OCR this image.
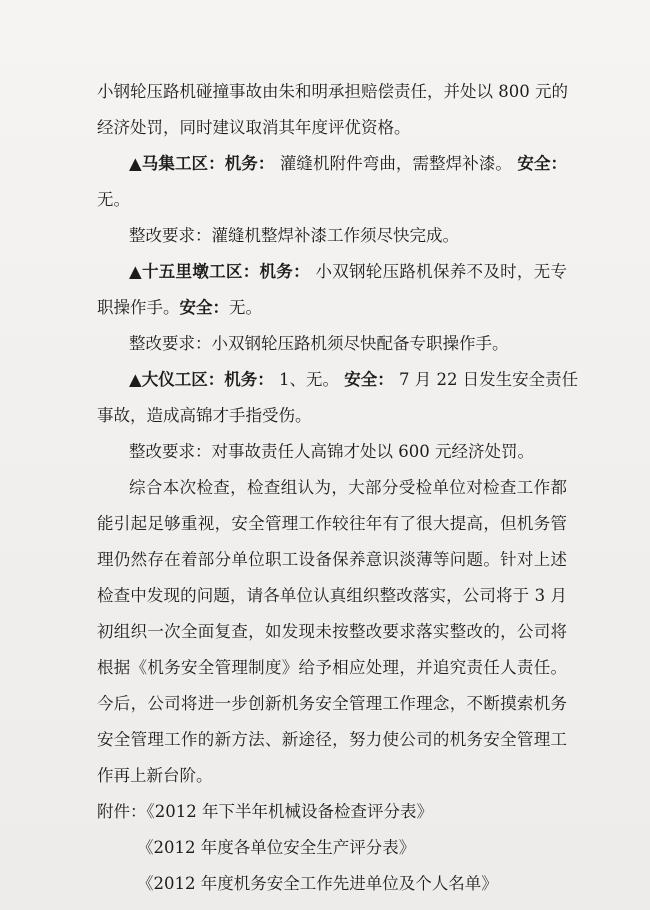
小钢轮压路机碰撞事故由朱和明承担赔偿责任，并处以 800 元的
经济处罚，同时建议取消其年度评优资格。
▲马集工区：机务： 灌缝机附件弯曲，需整焊补漆。 安全：
无。
整改要求：灌缝机整焊补漆工作须尽快完成。
▲十五里墩工区：机务： 小双钢轮压路机保养不及时，无专
职操作手。安全：无。
整改要求：小双钢轮压路机须尽快配备专职操作手。
▲大仪工区：机务： 1、无。 安全： 7 月 22 日发生安全责任
事故，造成高锦才手指受伤。
整改要求：对事故责任人高锦才处以 600 元经济处罚。
综合本次检查，检查组认为，大部分受检单位对检查工作都
能引起足够重视，安全管理工作较往年有了很大提高，但机务管
理仍然存在着部分单位职工设备保养意识淡薄等问题。针对上述
检查中发现的问题，请各单位认真组织整改落实，公司将于 3 月
初组织一次全面复查，如发现未按整改要求落实整改的，公司将
根据《机务安全管理制度》给予相应处理，并追究责任人责任。
今后，公司将进一步创新机务安全管理工作理念，不断摸索机务
安全管理工作的新方法、新途径，努力使公司的机务安全管理工
作再上新台阶。
附件：《2012 年下半年机械设备检查评分表》
《2012 年度各单位安全生产评分表》
《2012 年度机务安全工作先进单位及个人名单》
